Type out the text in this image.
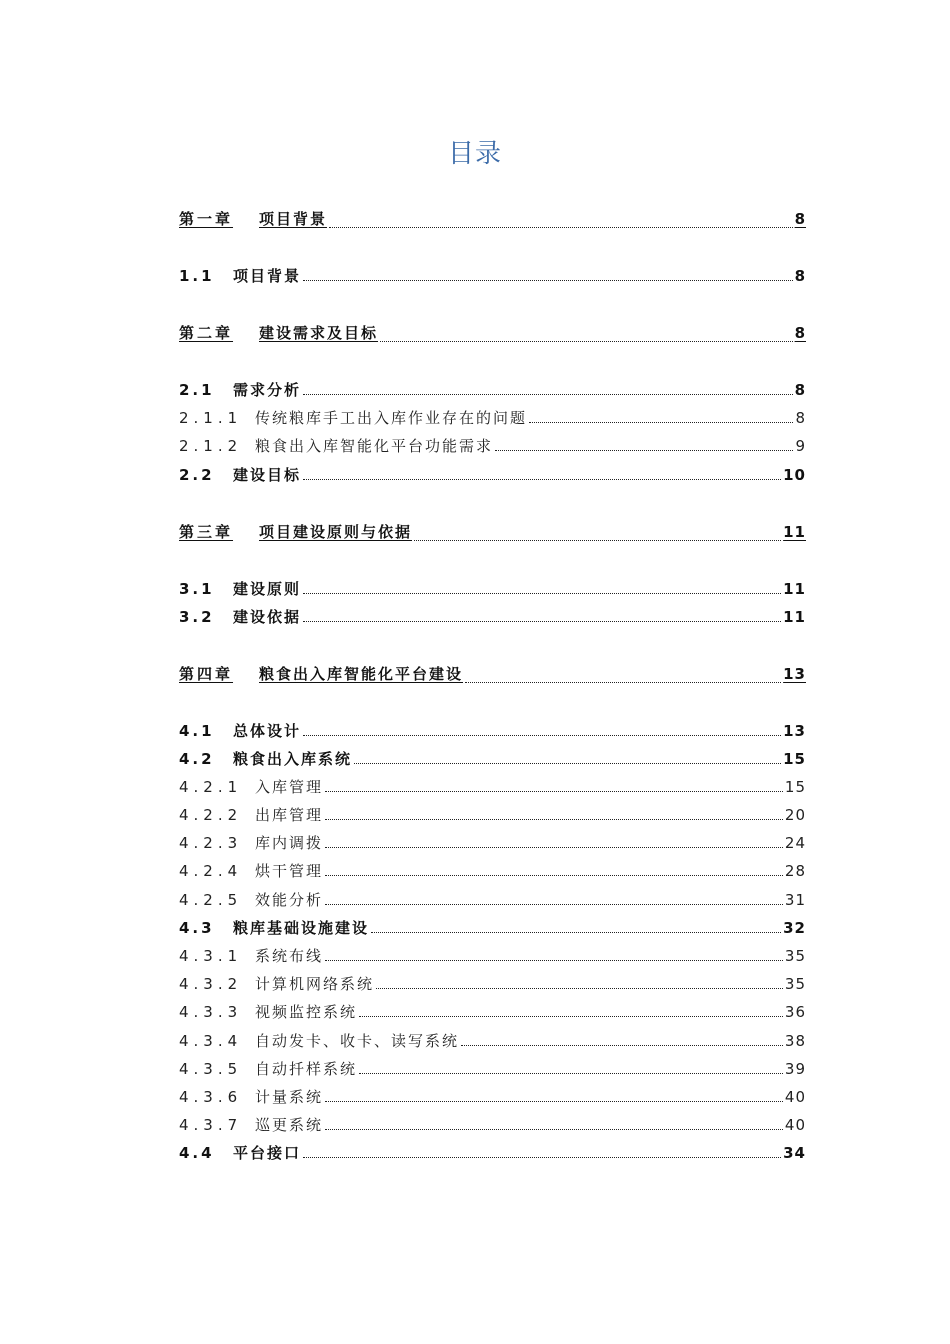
目录
第一章	项目背景	8
1.1	项目背景	8
第二章	建设需求及目标	8
2.1	需求分析	8
2.1.1 传统粮库手工出入库作业存在的问题	8
2.1.2 粮食出入库智能化平台功能需求	9
2.2	建设目标	10
第三章	项目建设原则与依据	11
3.1	建设原则	11
3.2	建设依据	11
第四章	粮食出入库智能化平台建设	13
4.1	总体设计	13
4.2	粮食出入库系统	15
4.2.1 入库管理	15
4.2.2 出库管理	20
4.2.3 库内调拨	24
4.2.4 烘干管理	28
4.2.5 效能分析	31
4.3	粮库基础设施建设	32
4.3.1 系统布线	35
4.3.2 计算机网络系统	35
4.3.3 视频监控系统	36
4.3.4 自动发卡、收卡、读写系统	38
4.3.5 自动扦样系统	39
4.3.6 计量系统	40
4.3.7 巡更系统	40
4.4	平台接口	34
